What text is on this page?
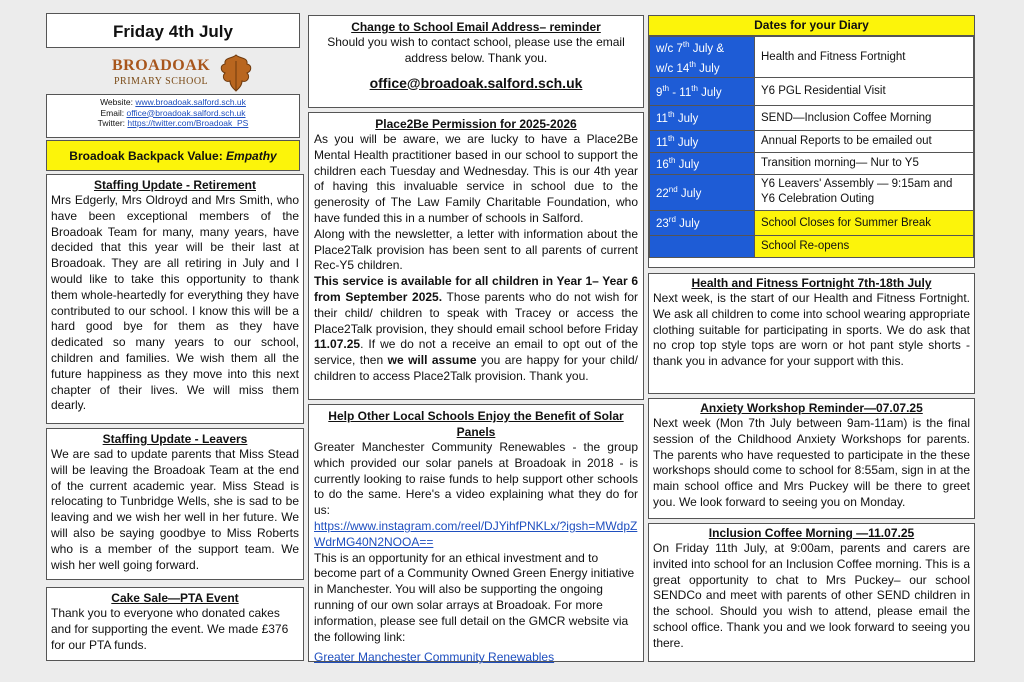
Friday 4th July
BROADOAK
PRIMARY SCHOOL
Website: www.broadoak.salford.sch.uk
Email: office@broadoak.salford.sch.uk
Twitter: https://twitter.com/Broadoak_PS
Broadoak Backpack Value: Empathy
Staffing Update - Retirement
Mrs Edgerly, Mrs Oldroyd and Mrs Smith, who have been exceptional members of the Broadoak Team for many, many years, have decided that this year will be their last at Broadoak. They are all retiring in July and I would like to take this opportunity to thank them whole-heartedly for everything they have contributed to our school. I know this will be a hard good bye for them as they have dedicated so many years to our school, children and families. We wish them all the future happiness as they move into this next chapter of their lives. We will miss them dearly.
Staffing Update - Leavers
We are sad to update parents that Miss Stead will be leaving the Broadoak Team at the end of the current academic year. Miss Stead is relocating to Tunbridge Wells, she is sad to be leaving and we wish her well in her future. We will also be saying goodbye to Miss Roberts who is a member of the support team. We wish her well going forward.
Cake Sale—PTA Event
Thank you to everyone who donated cakes and for supporting the event. We made £376 for our PTA funds.
Change to School Email Address– reminder
Should you wish to contact school, please use the email address below. Thank you.
office@broadoak.salford.sch.uk
Place2Be Permission for 2025-2026
As you will be aware, we are lucky to have a Place2Be Mental Health practitioner based in our school to support the children each Tuesday and Wednesday. This is our 4th year of having this invaluable service in school due to the generosity of The Law Family Charitable Foundation, who have funded this in a number of schools in Salford.
Along with the newsletter, a letter with information about the Place2Talk provision has been sent to all parents of current Rec-Y5 children.
This service is available for all children in Year 1– Year 6 from September 2025. Those parents who do not wish for their child/ children to speak with Tracey or access the Place2Talk provision, they should email school before Friday 11.07.25. If we do not a receive an email to opt out of the service, then we will assume you are happy for your child/ children to access Place2Talk provision. Thank you.
Help Other Local Schools Enjoy the Benefit of Solar Panels
Greater Manchester Community Renewables - the group which provided our solar panels at Broadoak in 2018 - is currently looking to raise funds to help support other schools to do the same. Here's a video explaining what they do for us:
https://www.instagram.com/reel/DJYihfPNKLx/?igsh=MWdpZWdrMG40N2NOOA==
This is an opportunity for an ethical investment and to become part of a Community Owned Green Energy initiative in Manchester. You will also be supporting the ongoing running of our own solar arrays at Broadoak. For more information, please see full detail on the GMCR website via the following link:
Greater Manchester Community Renewables
Dates for your Diary
w/c 7th July &
w/c 14th July	Health and Fitness Fortnight
9th - 11th July	Y6 PGL Residential Visit
11th July	SEND—Inclusion Coffee Morning
11th July	Annual Reports to be emailed out
16th July	Transition morning— Nur to Y5
22nd July	Y6 Leavers' Assembly — 9:15am and Y6 Celebration Outing
23rd July	School Closes for Summer Break
	School Re-opens
Health and Fitness Fortnight 7th-18th July
Next week, is the start of our Health and Fitness Fortnight. We ask all children to come into school wearing appropriate clothing suitable for participating in sports. We do ask that no crop top style tops are worn or hot pant style shorts - thank you in advance for your support with this.
Anxiety Workshop Reminder—07.07.25
Next week (Mon 7th July between 9am-11am) is the final session of the Childhood Anxiety Workshops for parents. The parents who have requested to participate in the these workshops should come to school for 8:55am, sign in at the main school office and Mrs Puckey will be there to greet you. We look forward to seeing you on Monday.
Inclusion Coffee Morning —11.07.25
On Friday 11th July, at 9:00am, parents and carers are invited into school for an Inclusion Coffee morning. This is a great opportunity to chat to Mrs Puckey– our school SENDCo and meet with parents of other SEND children in the school. Should you wish to attend, please email the school office. Thank you and we look forward to seeing you there.
